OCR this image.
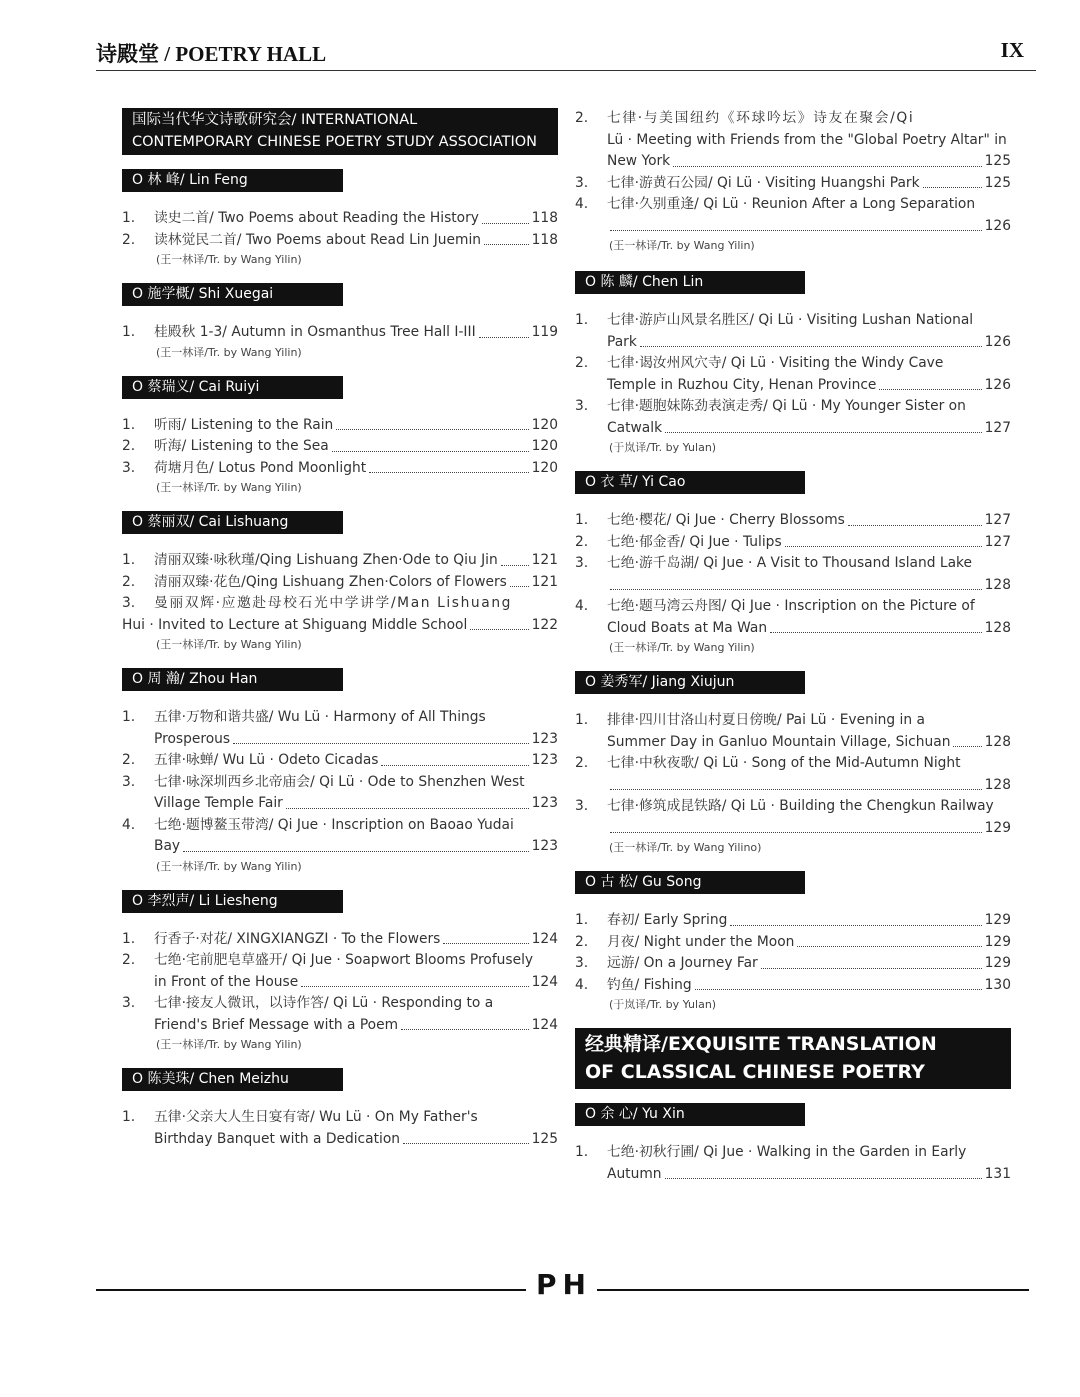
诗殿堂 / POETRY HALL	IX
国际当代华文诗歌研究会/ INTERNATIONAL
CONTEMPORARY CHINESE POETRY STUDY ASSOCIATION
O 林 峰/ Lin Feng
1. 读史二首/ Two Poems about Reading the History	118
2. 读林觉民二首/ Two Poems about Read Lin Juemin	118
(王一林译/Tr. by Wang Yilin)
O 施学概/ Shi Xuegai
1. 桂殿秋 1-3/ Autumn in Osmanthus Tree Hall I-III	119
(王一林译/Tr. by Wang Yilin)
O 蔡瑞义/ Cai Ruiyi
1. 听雨/ Listening to the Rain	120
2. 听海/ Listening to the Sea	120
3. 荷塘月色/ Lotus Pond Moonlight	120
(王一林译/Tr. by Wang Yilin)
O 蔡丽双/ Cai Lishuang
1. 清丽双臻·咏秋瑾/Qing Lishuang Zhen·Ode to Qiu Jin 121
2. 清丽双臻·花色/Qing Lishuang Zhen·Colors of Flowers 121
3.	曼丽双辉·应邀赴母校石光中学讲学/Man Lishuang
Hui · Invited to Lecture at Shiguang Middle School	122
(王一林译/Tr. by Wang Yilin)
O 周 瀚/ Zhou Han
1. 五律·万物和谐共盛/ Wu Lü · Harmony of All Things
Prosperous	123
2. 五律·咏蝉/ Wu Lü · Odeto Cicadas	123
3. 七律·咏深圳西乡北帝庙会/ Qi Lü · Ode to Shenzhen West
Village Temple Fair	123
4. 七绝·题博鳌玉带湾/ Qi Jue · Inscription on Baoao Yudai
Bay	123
(王一林译/Tr. by Wang Yilin)
O 李烈声/ Li Liesheng
1. 行香子·对花/ XINGXIANGZI · To the Flowers	124
2. 七绝·宅前肥皂草盛开/ Qi Jue · Soapwort Blooms Profusely
in Front of the House	124
3. 七律·接友人微讯，以诗作答/ Qi Lü · Responding to a
Friend's Brief Message with a Poem	124
(王一林译/Tr. by Wang Yilin)
O 陈美珠/ Chen Meizhu
1. 五律·父亲大人生日宴有寄/ Wu Lü · On My Father's
Birthday Banquet with a Dedication	125
2. 七律·与美国纽约《环球吟坛》诗友在聚会/Qi
Lü · Meeting with Friends from the "Global Poetry Altar" in
New York	125
3. 七律·游黄石公园/ Qi Lü · Visiting Huangshi Park	125
4. 七律·久别重逢/ Qi Lü · Reunion After a Long Separation
126
(王一林译/Tr. by Wang Yilin)
O 陈 麟/ Chen Lin
1. 七律·游庐山风景名胜区/ Qi Lü · Visiting Lushan National
Park	126
2. 七律·谒汝州风穴寺/ Qi Lü · Visiting the Windy Cave
Temple in Ruzhou City, Henan Province	126
3. 七律·题胞妹陈劲表演走秀/ Qi Lü · My Younger Sister on
Catwalk	127
(于岚译/Tr. by Yulan)
O 衣 草/ Yi Cao
1. 七绝·樱花/ Qi Jue · Cherry Blossoms	127
2. 七绝·郁金香/ Qi Jue · Tulips	127
3. 七绝·游千岛湖/ Qi Jue · A Visit to Thousand Island Lake
128
4. 七绝·题马湾云舟图/ Qi Jue · Inscription on the Picture of
Cloud Boats at Ma Wan	128
(王一林译/Tr. by Wang Yilin)
O 姜秀军/ Jiang Xiujun
1. 排律·四川甘洛山村夏日傍晚/ Pai Lü · Evening in a
Summer Day in Ganluo Mountain Village, Sichuan 128
2. 七律·中秋夜歌/ Qi Lü · Song of the Mid-Autumn Night
128
3. 七律·修筑成昆铁路/ Qi Lü · Building the Chengkun Railway
129
(王一林译/Tr. by Wang Yilino)
O 古 松/ Gu Song
1. 春初/ Early Spring	129
2. 月夜/ Night under the Moon	129
3. 远游/ On a Journey Far	129
4. 钓鱼/ Fishing	130
(于岚译/Tr. by Yulan)
经典精译/EXQUISITE TRANSLATION
OF CLASSICAL CHINESE POETRY
O 余 心/ Yu Xin
1. 七绝·初秋行圃/ Qi Jue · Walking in the Garden in Early
Autumn	131
PH
